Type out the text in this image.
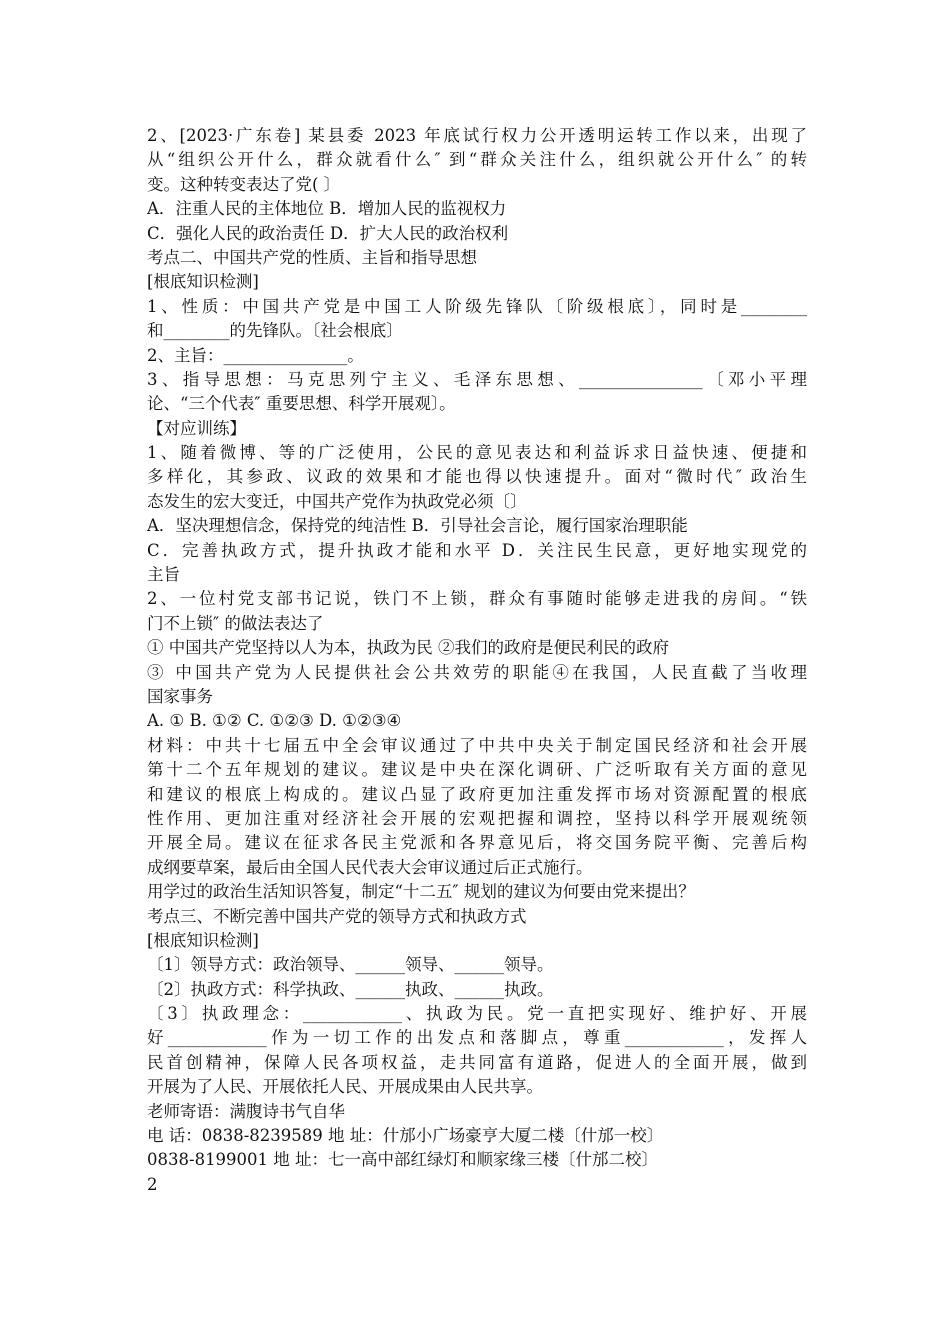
2、[2023·广东卷] 某县委 2023 年底试行权力公开透明运转工作以来，出现了
从“组织公开什么，群众就看什么″ 到“群众关注什么，组织就公开什么″ 的转
变。这种转变表达了党( 〕
A．注重人民的主体地位 B．增加人民的监视权力
C．强化人民的政治责任 D．扩大人民的政治权利
考点二、中国共产党的性质、主旨和指导思想
[根底知识检测]
1、性质：中国共产党是中国工人阶级先锋队〔阶级根底〕，同时是________
和________的先锋队。〔社会根底〕
2、主旨：_______________。
3、指导思想：马克思列宁主义、毛泽东思想、_______________〔邓小平理
论、“三个代表″ 重要思想、科学开展观〕。
【对应训练】
1、随着微博、等的广泛使用，公民的意见表达和利益诉求日益快速、便捷和
多样化，其参政、议政的效果和才能也得以快速提升。面对“微时代″ 政治生
态发生的宏大变迁，中国共产党作为执政党必须〔〕
A．坚决理想信念，保持党的纯洁性 B．引导社会言论，履行国家治理职能
C．完善执政方式，提升执政才能和水平 D．关注民生民意，更好地实现党的
主旨
2、一位村党支部书记说，铁门不上锁，群众有事随时能够走进我的房间。“铁
门不上锁″ 的做法表达了
① 中国共产党坚持以人为本，执政为民 ②我们的政府是便民利民的政府
③ 中国共产党为人民提供社会公共效劳的职能④在我国，人民直截了当收理
国家事务
A. ① B. ①② C. ①②③ D. ①②③④
材料：中共十七届五中全会审议通过了中共中央关于制定国民经济和社会开展
第十二个五年规划的建议。建议是中央在深化调研、广泛听取有关方面的意见
和建议的根底上构成的。建议凸显了政府更加注重发挥市场对资源配置的根底
性作用、更加注重对经济社会开展的宏观把握和调控，坚持以科学开展观统领
开展全局。建议在征求各民主党派和各界意见后，将交国务院平衡、完善后构
成纲要草案，最后由全国人民代表大会审议通过后正式施行。
用学过的政治生活知识答复，制定“十二五″ 规划的建议为何要由党来提出？
考点三、不断完善中国共产党的领导方式和执政方式
[根底知识检测]
〔1〕领导方式：政治领导、______领导、______领导。
〔2〕执政方式：科学执政、______执政、______执政。
〔3〕执政理念：____________、执政为民。党一直把实现好、维护好、开展
好____________作为一切工作的出发点和落脚点，尊重____________，发挥人
民首创精神，保障人民各项权益，走共同富有道路，促进人的全面开展，做到
开展为了人民、开展依托人民、开展成果由人民共享。
老师寄语：满腹诗书气自华
电 话：0838-8239589 地 址：什邡小广场豪亨大厦二楼〔什邡一校〕
0838-8199001 地 址：七一高中部红绿灯和顺家缘三楼〔什邡二校〕
2
